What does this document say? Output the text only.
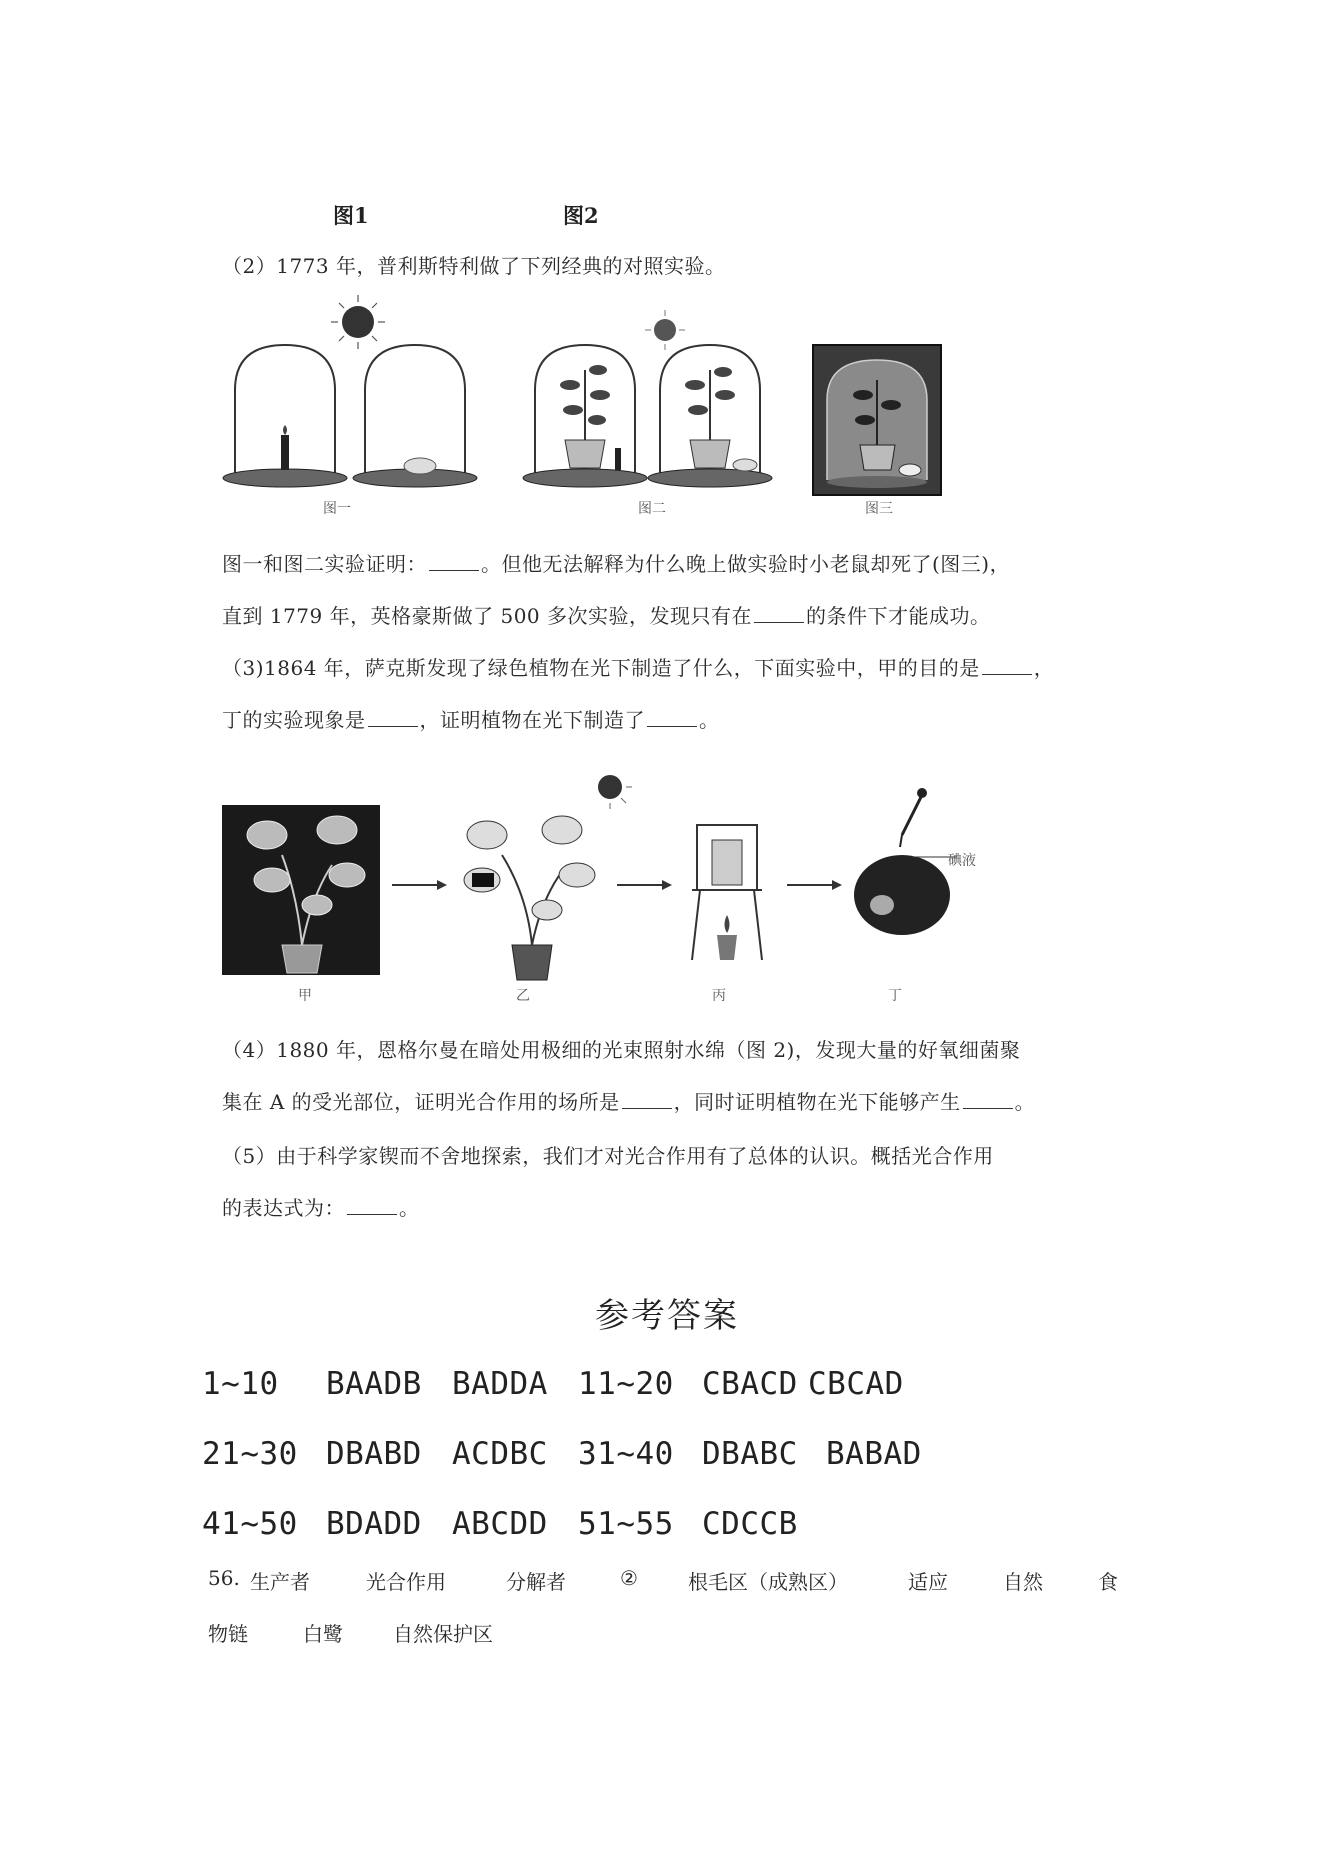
图1	图2
（2）1773 年，普利斯特利做了下列经典的对照实验。
图一	图二	图三
图一和图二实验证明：	。但他无法解释为什么晚上做实验时小老鼠却死了(图三)，
直到 1779 年，英格豪斯做了 500 多次实验，发现只有在	的条件下才能成功。
（3)1864 年，萨克斯发现了绿色植物在光下制造了什么，下面实验中，甲的目的是	，
丁的实验现象是	，证明植物在光下制造了	。
碘液
甲	乙	丙	丁
（4）1880 年，恩格尔曼在暗处用极细的光束照射水绵（图 2)，发现大量的好氧细菌聚
集在 A 的受光部位，证明光合作用的场所是	，同时证明植物在光下能够产生	。
（5）由于科学家锲而不舍地探索，我们才对光合作用有了总体的认识。概括光合作用
的表达式为：	。
参考答案
1~10 BAADB BADDA 11~20 CBACD CBCAD
21~30 DBABD ACDBC 31~40 DBABC BABAD
41~50 BDADD ABCDD 51~55 CDCCB
56. 生产者	光合作用	分解者	②	根毛区（成熟区）	适应	自然	食
物链	白鹭	自然保护区
